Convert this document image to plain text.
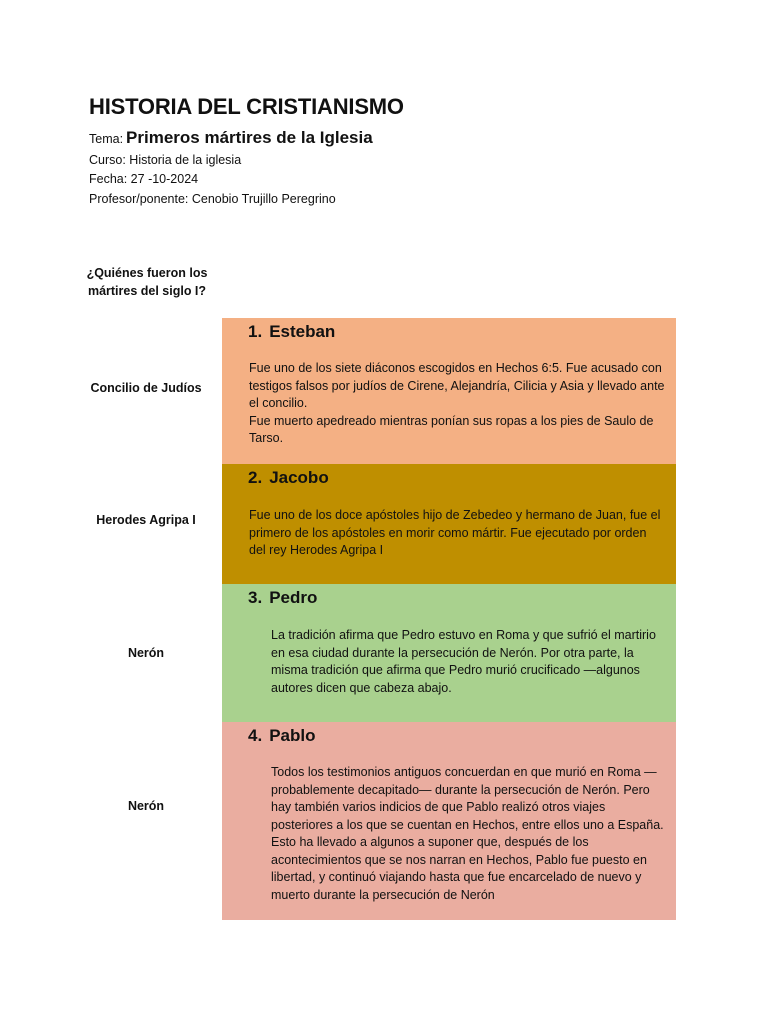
HISTORIA DEL CRISTIANISMO
Tema: Primeros mártires de la Iglesia
Curso: Historia de la iglesia
Fecha: 27 -10-2024
Profesor/ponente: Cenobio Trujillo Peregrino
¿Quiénes fueron los
mártires del siglo I?
Concilio de Judíos
Herodes Agripa I
Nerón
Nerón
1. Esteban
Fue uno de los siete diáconos escogidos en Hechos 6:5. Fue acusado con
testigos falsos por judíos de Cirene, Alejandría, Cilicia y Asia y llevado ante
el concilio.
Fue muerto apedreado mientras ponían sus ropas a los pies de Saulo de
Tarso.
2. Jacobo
Fue uno de los doce apóstoles hijo de Zebedeo y hermano de Juan, fue el
primero de los apóstoles en morir como mártir. Fue ejecutado por orden
del rey Herodes Agripa I
3. Pedro
La tradición afirma que Pedro estuvo en Roma y que sufrió el martirio
en esa ciudad durante la persecución de Nerón. Por otra parte, la
misma tradición que afirma que Pedro murió crucificado —algunos
autores dicen que cabeza abajo.
4. Pablo
Todos los testimonios antiguos concuerdan en que murió en Roma —
probablemente decapitado— durante la persecución de Nerón. Pero
hay también varios indicios de que Pablo realizó otros viajes
posteriores a los que se cuentan en Hechos, entre ellos uno a España.
Esto ha llevado a algunos a suponer que, después de los
acontecimientos que se nos narran en Hechos, Pablo fue puesto en
libertad, y continuó viajando hasta que fue encarcelado de nuevo y
muerto durante la persecución de Nerón
